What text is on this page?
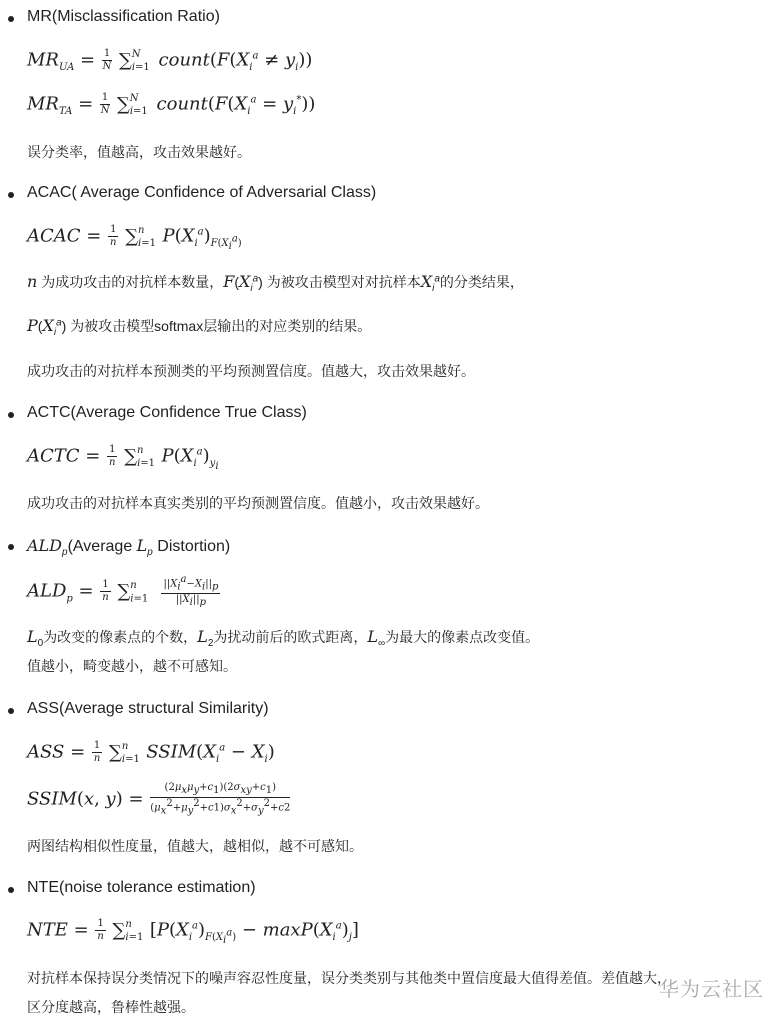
MR(Misclassification Ratio)
$MR_{UA} = \frac{1}{N} \sum_{i=1}^N$ $count(F(X_i^a \ne y_i))$
$MR_{TA} = \frac{1}{N} \sum_{i=1}^N$ $count(F(X_i^a = y_i^*))$
误分类率，值越高，攻击效果越好。
ACAC( Average Confidence of Adversarial Class)
ACAC = $\frac{1}{n} \sum_{i=1}^n$ $P(X_i^a)_{F(X_i^a)}$
n 为成功攻击的对抗样本数量，$F(X_i^a)$ 为被攻击模型对对抗样本$X_i^a$的分类结果，
$P(X_i^a)$ 为被攻击模型softmax层输出的对应类别的结果。
成功攻击的对抗样本预测类的平均预测置信度。值越大，攻击效果越好。
ACTC(Average Confidence True Class)
ACTC = $\frac{1}{n} \sum_{i=1}^n$ $P(X_i^a)_{y_i}$
成功攻击的对抗样本真实类别的平均预测置信度。值越小，攻击效果越好。
$ALD_p(Average$ $L_p$ Distortion)
$ALD_p = \frac{1}{n} \sum_{i=1}^n$	$||X_i^a-X_i||_p$
$||X_i||_p$
$L_0$为改变的像素点的个数，$L_2$为扰动前后的欧式距离，$L_\infty$为最大的像素点改变值。
值越小，畸变越小，越不可感知。
ASS(Average structural Similarity)
ASS = $\frac{1}{n} \sum_{i=1}^n$ $SSIM(X_i^a - X_i)$
SSIM(x, y) =
$(2\mu_x\mu_y+c_1)(2\sigma_{xy}+c_1)$
$(\mu_x^2+\mu_y^2+c1)\sigma_x^2+\sigma_y^2+c2$
两图结构相似性度量，值越大，越相似，越不可感知。
NTE(noise tolerance estimation)
NTE = $\frac{1}{n} \sum_{i=1}^n$ $[P(X_i^a)_{F(X_i^a)} - \max P(X_i^a)_j]$
对抗样本保持误分类情况下的噪声容忍性度量，误分类类别与其他类中置信度最大值得差值。差值越大，
区分度越高，鲁棒性越强。
华为云社区
